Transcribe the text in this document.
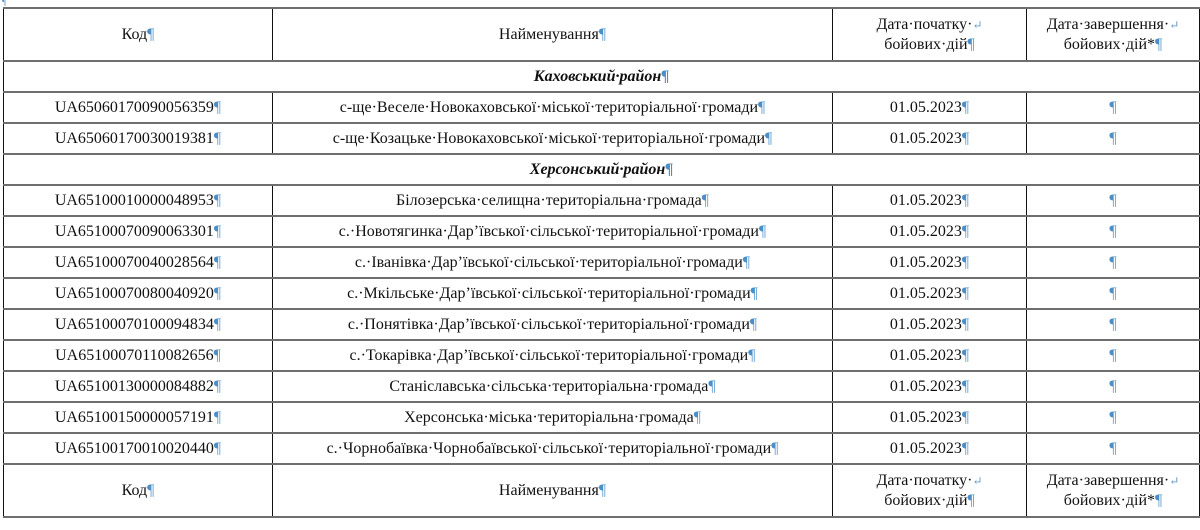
¶
Код¶	Найменування¶	Дата·початку·↵
бойових·дій¶	Дата·завершення·↵
бойових·дій*¶
Каховський·район¶			
UA65060170090056359¶	с-ще·Веселе·Новокаховської·міської·територіальної·громади¶	01.05.2023¶	¶
UA65060170030019381¶	с-ще·Козацьке·Новокаховської·міської·територіальної·громади¶	01.05.2023¶	¶
Херсонський·район¶			
UA65100010000048953¶	Білозерська·селищна·територіальна·громада¶	01.05.2023¶	¶
UA65100070090063301¶	с.·Новотягинка·Дар’ївської·сільської·територіальної·громади¶	01.05.2023¶	¶
UA65100070040028564¶	с.·Іванівка·Дар’ївської·сільської·територіальної·громади¶	01.05.2023¶	¶
UA65100070080040920¶	с.·Мкільське·Дар’ївської·сільської·територіальної·громади¶	01.05.2023¶	¶
UA65100070100094834¶	с.·Понятівка·Дар’ївської·сільської·територіальної·громади¶	01.05.2023¶	¶
UA65100070110082656¶	с.·Токарівка·Дар’ївської·сільської·територіальної·громади¶	01.05.2023¶	¶
UA65100130000084882¶	Станіславська·сільська·територіальна·громада¶	01.05.2023¶	¶
UA65100150000057191¶	Херсонська·міська·територіальна·громада¶	01.05.2023¶	¶
UA65100170010020440¶	с.·Чорнобаївка·Чорнобаївської·сільської·територіальної·громади¶	01.05.2023¶	¶
Код¶	Найменування¶	Дата·початку·↵
бойових·дій¶	Дата·завершення·↵
бойових·дій*¶
